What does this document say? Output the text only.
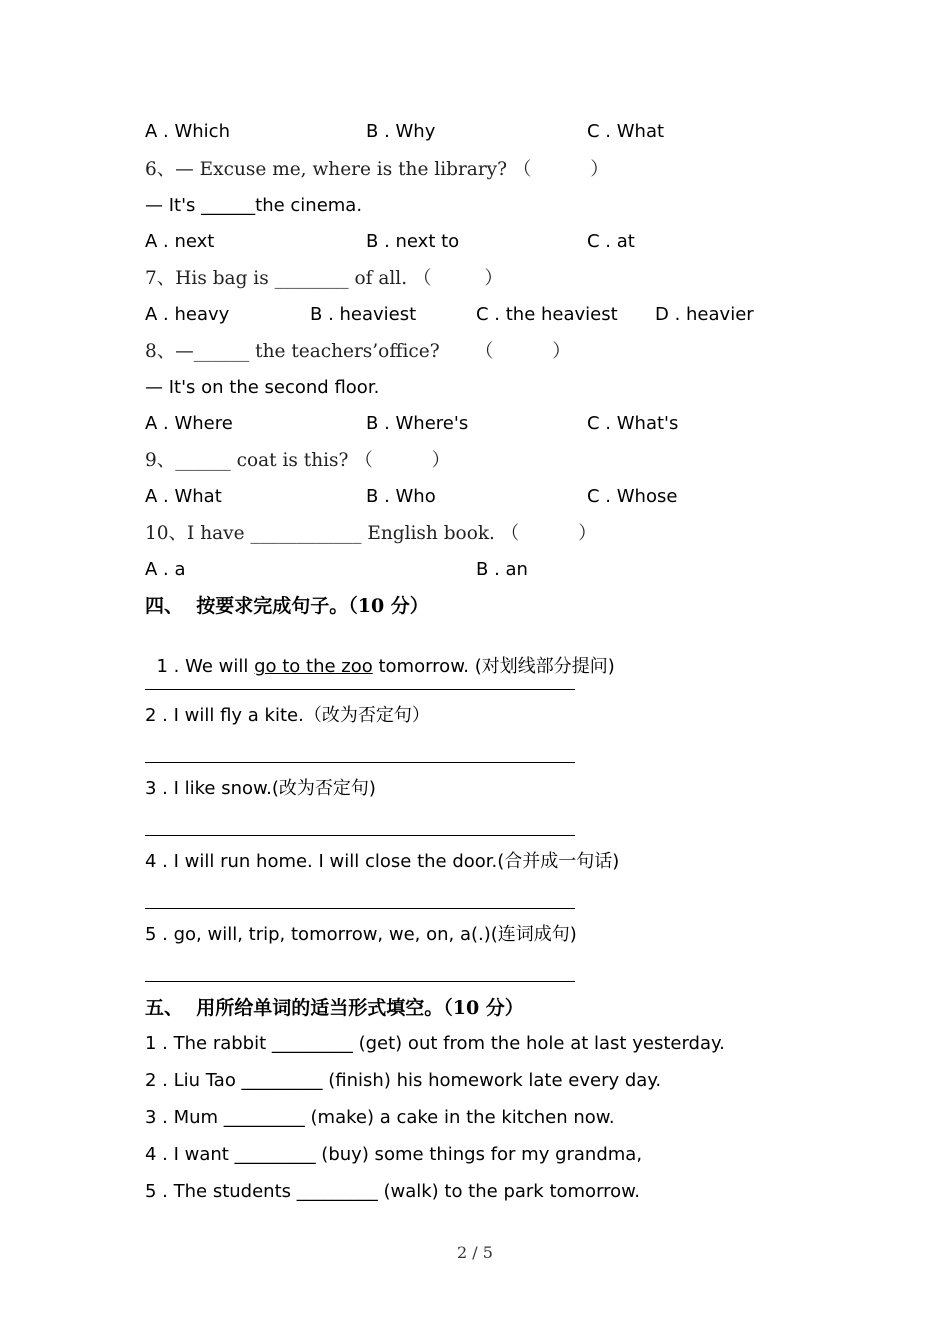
A . Which	B . Why	C . What
6、— Excuse me, where is the library? （          ）
— It's ______the cinema.
A . next	B . next to	C . at
7、His bag is ________ of all. （         ）
A . heavy	B . heaviest	C . the heaviest D . heavier
8、—______ the teachers’office?      （          ）
— It's on the second floor.
A . Where	B . Where's	C . What's
9、______ coat is this? （          ）
A . What	B . Who	C . Whose
10、I have ____________ English book. （          ）
A . a	B . an
四、  按要求完成句子。（10 分）

1 . We will go to the zoo tomorrow. (对划线部分提问)

2 . I will fly a kite.（改为否定句）
3 . I like snow.(改为否定句)
4 . I will run home. I will close the door.(合并成一句话)
5 . go, will, trip, tomorrow, we, on, a(.)(连词成句)
五、  用所给单词的适当形式填空。（10 分）
1 . The rabbit _________ (get) out from the hole at last yesterday.
2 . Liu Tao _________ (finish) his homework late every day.
3 . Mum _________ (make) a cake in the kitchen now.
4 . I want _________ (buy) some things for my grandma,
5 . The students _________ (walk) to the park tomorrow.
2 / 5
